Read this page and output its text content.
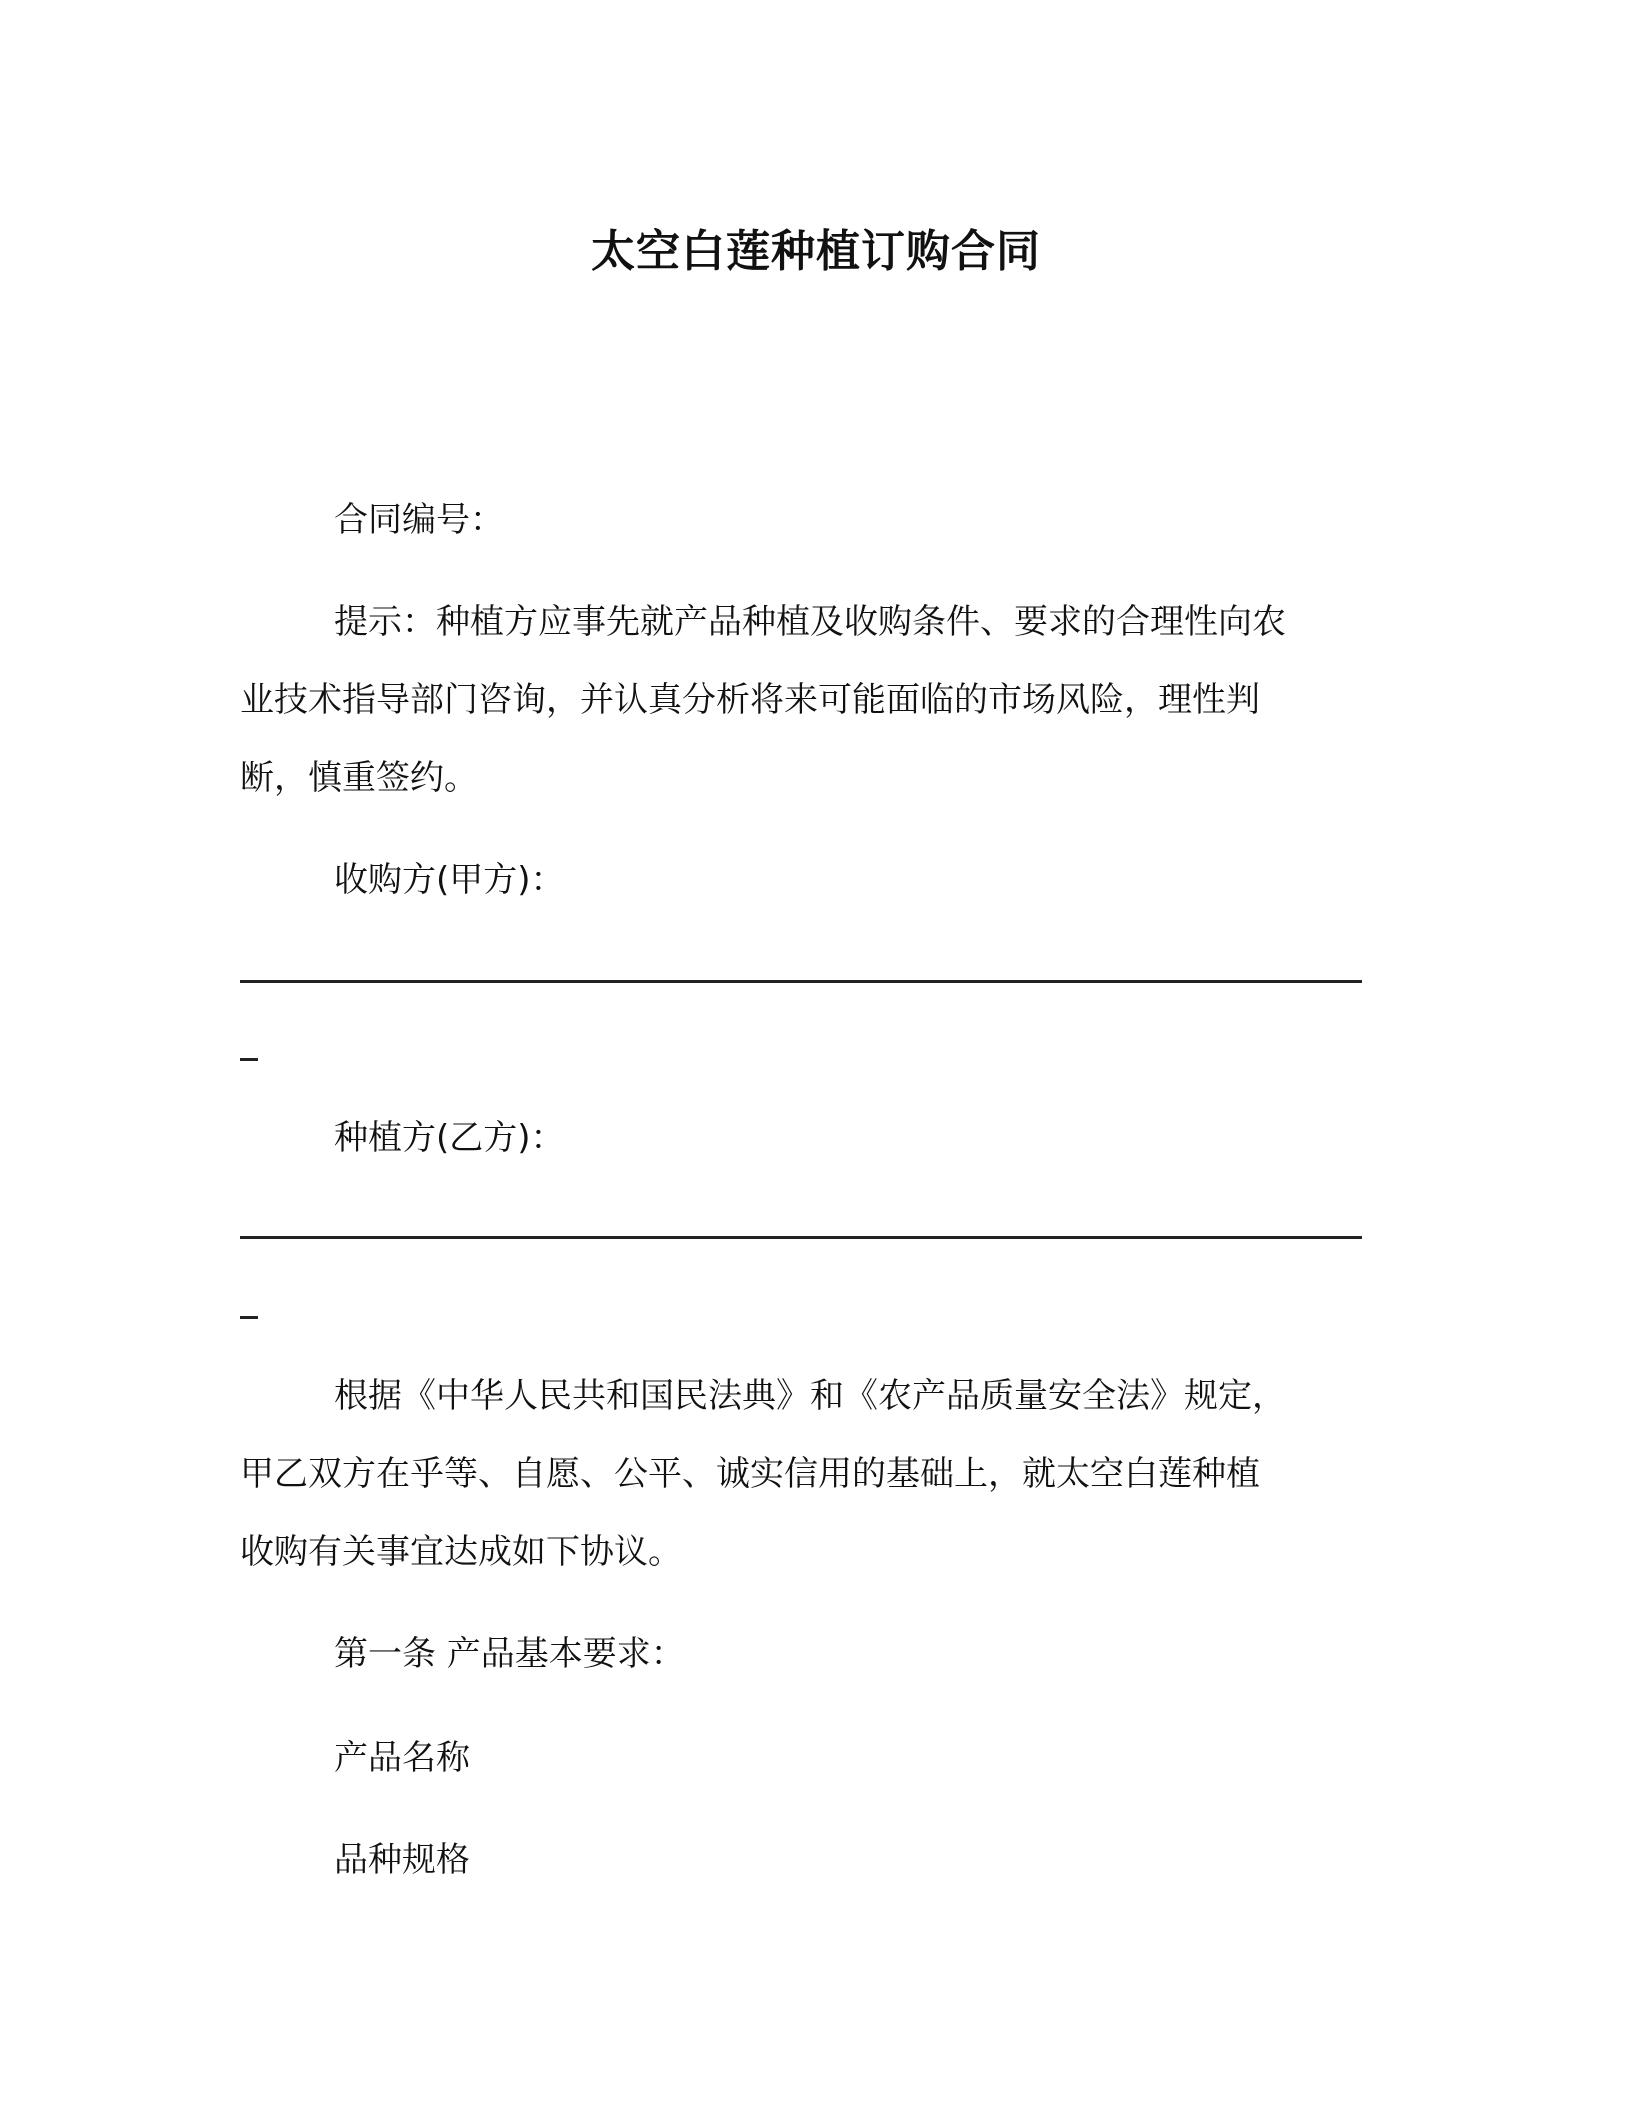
太空白莲种植订购合同
合同编号：
提示：种植方应事先就产品种植及收购条件、要求的合理性向农
业技术指导部门咨询，并认真分析将来可能面临的市场风险，理性判
断，慎重签约。
收购方(甲方)：
种植方(乙方)：
根据《中华人民共和国民法典》和《农产品质量安全法》规定，
甲乙双方在乎等、自愿、公平、诚实信用的基础上，就太空白莲种植
收购有关事宜达成如下协议。
第一条 产品基本要求：
产品名称
品种规格
